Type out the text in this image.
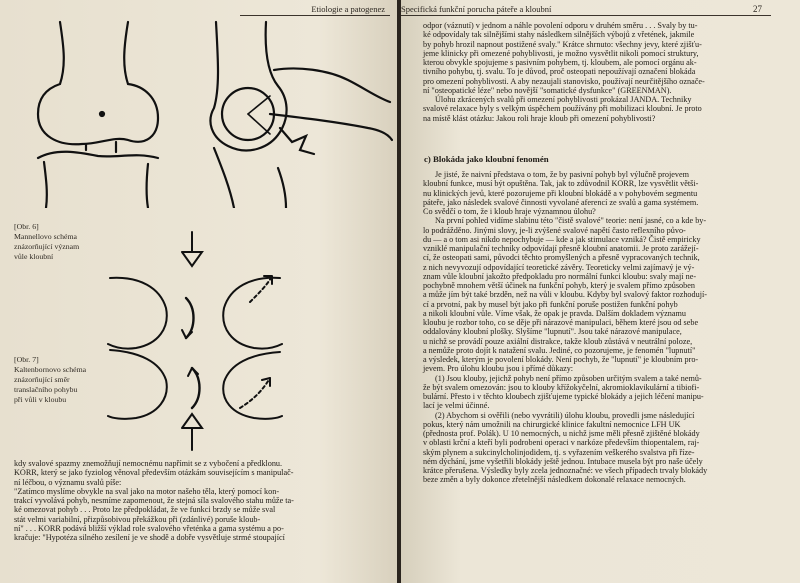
Etiologie a patogenez
[Obr. 6]
Mannellovo schéma
znázorňující význam
vůle kloubní
[Obr. 7]
Kaltenbornovo schéma
znázorňující směr
translačního pohybu
při vůli v kloubu

kdy svalové spazmy znemožňují nemocnému napřímit se z vybočení a předklonu.

KORR, který se jako fyziolog věnoval především otázkám souvisejícím s manipulač-

ní léčbou, o významu svalů píše:

"Zatímco myslíme obvykle na sval jako na motor našeho těla, který pomocí kon-

trakcí vyvolává pohyb, nesmíme zapomenout, že stejná síla svalového stahu může ta-

ké omezovat pohyb . . . Proto lze předpokládat, že ve funkci brzdy se může sval

stát velmi variabilní, přizpůsobivou překážkou při (zdánlivé) poruše kloub-

ní" . . . KORR podává bližší výklad role svalového vřeténka a gama systému a po-

kračuje: "Hypotéza silného zesílení je ve shodě a dobře vysvětluje strmé stoupající

Specifická funkční porucha páteře a kloubní	27

odpor (váznutí) v jednom a náhle povolení odporu v druhém směru . . . Svaly by tu-

ké odpovídaly tak silnějšími stahy následkem silnějších výbojů z vřetének, jakmile

by pohyb hrozil napnout postižené svaly." Krátce shrnuto: všechny jevy, které zjišťu-

jeme klinicky při omezené pohyblivosti, je možno vysvětlit nikoli pomocí struktury,

kterou obvykle spojujeme s pasivním pohybem, tj. kloubem, ale pomocí orgánu ak-

tivního pohybu, tj. svalu. To je důvod, proč osteopati nepoužívají označení blokáda

pro omezení pohyblivosti. A aby nezaujali stanovisko, používají neurčitějšího označe-

ní "osteopatické léze" nebo novější "somatické dysfunkce" (GREENMAN).

Úlohu zkrácených svalů při omezení pohyblivosti prokázal JANDA. Techniky

svalové relaxace byly s velkým úspěchem používány při mobilizaci kloubní. Je proto

na místě klást otázku: Jakou roli hraje kloub při omezení pohyblivosti?

c) Blokáda jako kloubní fenomén

Je jisté, že naivní představa o tom, že by pasivní pohyb byl výlučně projevem

kloubní funkce, musí být opuštěna. Tak, jak to zdůvodnil KORR, lze vysvětlit větši-

nu klinických jevů, které pozorujeme při kloubní blokádě a v pohybovém segmentu

páteře, jako následek svalové činnosti vyvolané aferencí ze svalů a gama systémem.

Co svědčí o tom, že i kloub hraje významnou úlohu?

Na první pohled vidíme slabinu této "čistě svalové" teorie: není jasné, co a kde by-

lo podrážděno. Jinými slovy, je-li zvýšené svalové napětí často reflexního půvo-

du — a o tom asi nikdo nepochybuje — kde a jak stimulace vzniká? Čistě empiricky

vzniklé manipulační techniky odpovídají přesně kloubní anatomii. Je proto zarážejí-

cí, že osteopati sami, původci těchto promyšlených a přesně vypracovaných technik,

z nich nevyvozují odpovídající teoretické závěry. Teoreticky velmi zajímavý je vý-

znam vůle kloubní jakožto předpokladu pro normální funkci kloubu: svaly mají ne-

pochybně mnohem větší účinek na funkční pohyb, který je svalem přímo způsoben

a může jím být také brzděn, než na vůli v kloubu. Kdyby byl svalový faktor rozhodují-

cí a prvotní, pak by musel být jako při funkční poruše postižen funkční pohyb

a nikoli kloubní vůle. Víme však, že opak je pravda. Dalším dokladem významu

kloubu je rozbor toho, co se děje při nárazové manipulaci, během které jsou od sebe

oddalovány kloubní plošky. Slyšíme "lupnutí". Jsou také nárazové manipulace,

u nichž se provádí pouze axiální distrakce, takže kloub zůstává v neutrální poloze,

a nemůže proto dojít k natažení svalu. Jediné, co pozorujeme, je fenomén "lupnutí"

a výsledek, kterým je povolení blokády. Není pochyb, že "lupnutí" je kloubním pro-

jevem. Pro úlohu kloubu jsou i přímé důkazy:

(1) Jsou klouby, jejichž pohyb není přímo způsoben určitým svalem a také nemů-

že být svalem omezován: jsou to klouby křížokyčelní, akromioklavikulární a tibiofi-

bulární. Přesto i v těchto kloubech zjišťujeme typické blokády a jejich léčení manipu-

lací je velmi účinné.

(2) Abychom si ověřili (nebo vyvrátili) úlohu kloubu, provedli jsme následující

pokus, který nám umožnili na chirurgické klinice fakultní nemocnice LFH UK

(přednosta prof. Polák). U 10 nemocných, u nichž jsme měli přesně zjištěné blokády

v oblasti krční a kteří byli podrobeni operaci v narkóze především thiopentalem, raj-

ským plynem a sukcinylcholinjodidem, tj. s vyřazením veškerého svalstva při říze-

ném dýchání, jsme vyšetřili blokády ještě jednou. Intubace musela být pro naše účely

krátce přerušena. Výsledky byly zcela jednoznačné: ve všech případech trvaly blokády

beze změn a byly dokonce zřetelnější následkem dokonalé relaxace nemocných.
